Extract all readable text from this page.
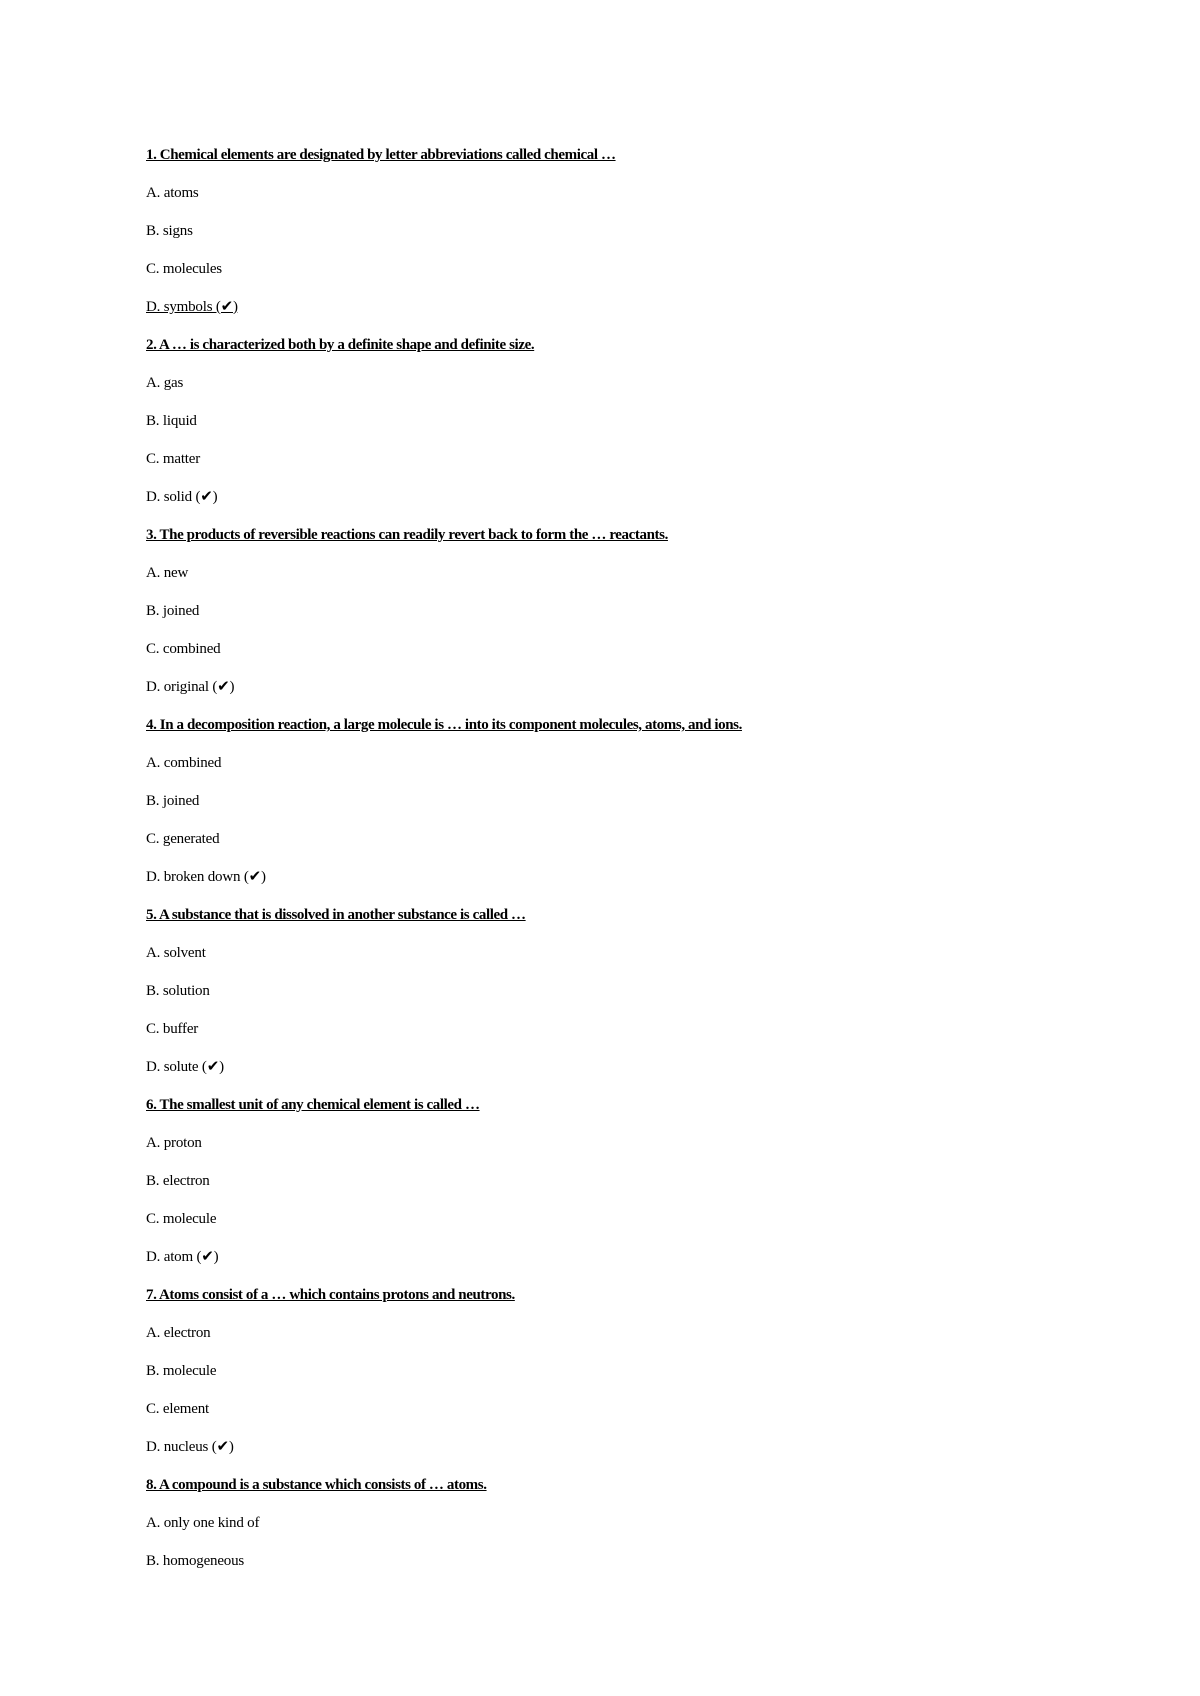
1. Chemical elements are designated by letter abbreviations called chemical …
A. atoms
B. signs
C. molecules
D. symbols (✔)
2. A … is characterized both by a definite shape and definite size.
A. gas
B. liquid
C. matter
D. solid (✔)
3. The products of reversible reactions can readily revert back to form the … reactants.
A. new
B. joined
C. combined
D. original (✔)
4. In a decomposition reaction, a large molecule is … into its component molecules, atoms, and ions.
A. combined
B. joined
C. generated
D. broken down (✔)
5. A substance that is dissolved in another substance is called …
A. solvent
B. solution
C. buffer
D. solute (✔)
6. The smallest unit of any chemical element is called …
A. proton
B. electron
C. molecule
D. atom (✔)
7. Atoms consist of a … which contains protons and neutrons.
A. electron
B. molecule
C. element
D. nucleus (✔)
8. A compound is a substance which consists of … atoms.
A. only one kind of
B. homogeneous
